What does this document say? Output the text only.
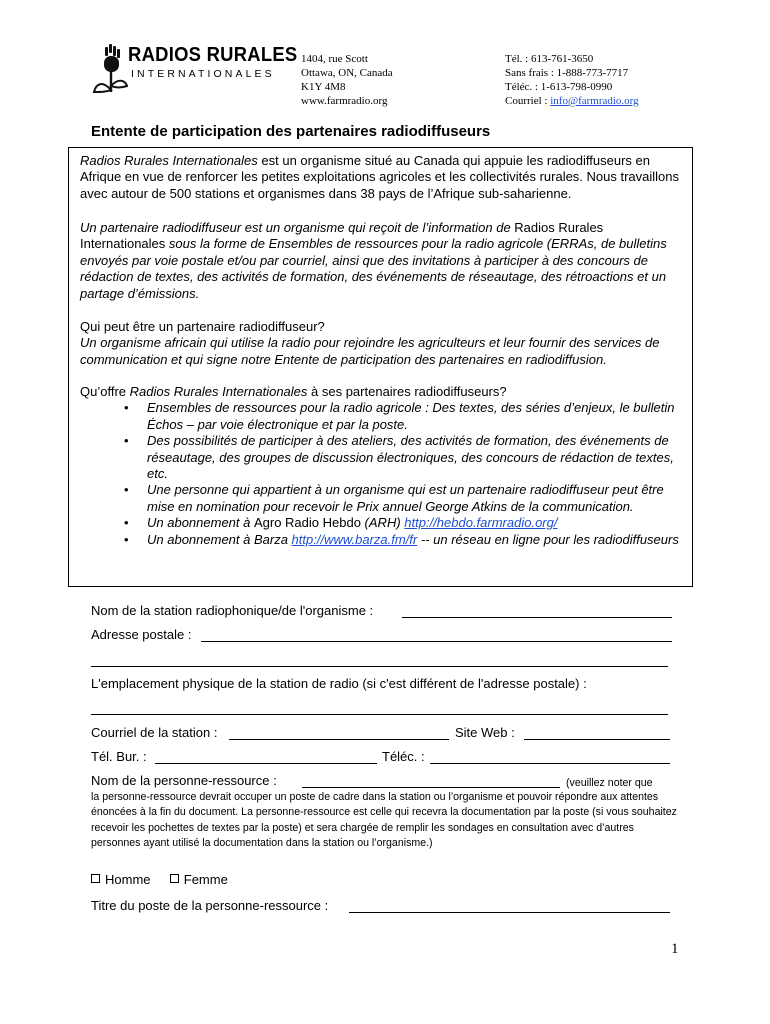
RADIOS RURALES
INTERNATIONALES
1404, rue Scott
Ottawa, ON, Canada
K1Y 4M8
www.farmradio.org
Tél. : 613-761-3650
Sans frais : 1-888-773-7717
Téléc. : 1-613-798-0990
Courriel : info@farmradio.org
Entente de participation des partenaires radiodiffuseurs

Radios Rurales Internationales est un organisme situé au Canada qui appuie les radiodiffuseurs en Afrique en vue de renforcer les petites exploitations agricoles et les collectivités rurales. Nous travaillons avec autour de 500 stations et organismes dans 38 pays de l’Afrique sub-saharienne.

Un partenaire radiodiffuseur est un organisme qui reçoit de l’information de Radios Rurales Internationales sous la forme de Ensembles de ressources pour la radio agricole (ERRAs, de bulletins envoyés par voie postale et/ou par courriel, ainsi que des invitations à participer à des concours de rédaction de textes, des activités de formation, des événements de réseautage, des rétroactions et un partage d’émissions.

Qui peut être un partenaire radiodiffuseur?

Un organisme africain qui utilise la radio pour rejoindre les agriculteurs et leur fournir des services de communication et qui signe notre Entente de participation des partenaires en radiodiffusion.

Qu’offre Radios Rurales Internationales à ses partenaires radiodiffuseurs?

• Ensembles de ressources pour la radio agricole : Des textes, des séries d’enjeux, le bulletin Échos – par voie électronique et par la poste.
• Des possibilités de participer à des ateliers, des activités de formation, des événements de réseautage, des groupes de discussion électroniques, des concours de rédaction de textes, etc.
• Une personne qui appartient à un organisme qui est un partenaire radiodiffuseur peut être mise en nomination pour recevoir le Prix annuel George Atkins de la communication.
• Un abonnement à Agro Radio Hebdo (ARH) http://hebdo.farmradio.org/
• Un abonnement à Barza http://www.barza.fm/fr -- un réseau en ligne pour les radiodiffuseurs
Nom de la station radiophonique/de l'organisme :
Adresse postale :
L'emplacement physique de la station de radio (si c'est différent de l'adresse postale) :
Courriel de la station :	Site Web :
Tél. Bur. :	Téléc. :
Nom de la personne-ressource :	(veuillez noter que

la personne-ressource devrait occuper un poste de cadre dans la station ou l’organisme et pouvoir répondre aux attentes énoncées à la fin du document. La personne-ressource est celle qui recevra la documentation par la poste (si vous souhaitez recevoir les pochettes de textes par la poste) et sera chargée de remplir les sondages en consultation avec d’autres personnes ayant utilisé la documentation dans la station ou l’organisme.)

Homme	Femme
Titre du poste de la personne-ressource :
1
